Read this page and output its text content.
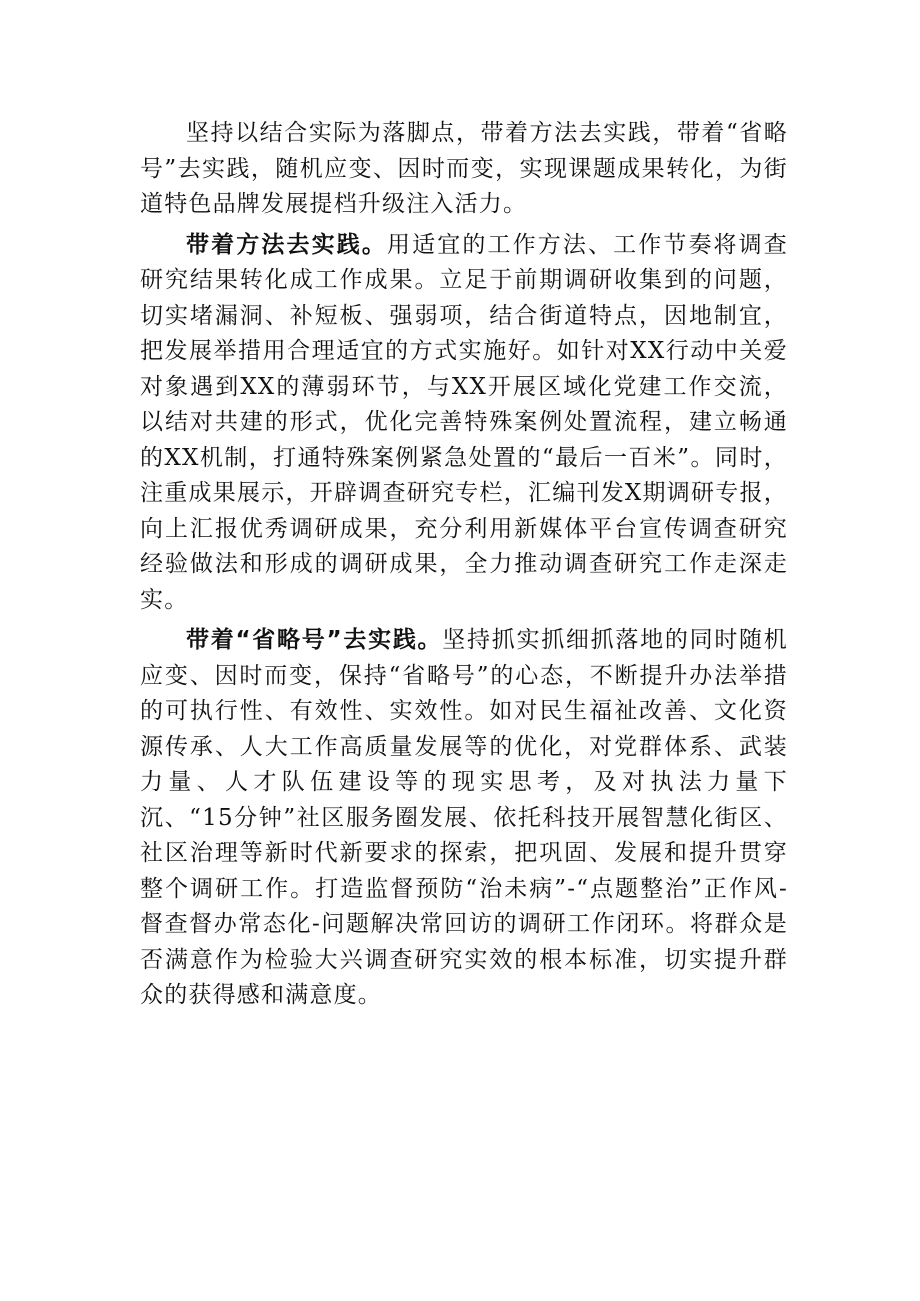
坚持以结合实际为落脚点，带着方法去实践，带着“省略号”去实践，随机应变、因时而变，实现课题成果转化，为街道特色品牌发展提档升级注入活力。

带着方法去实践。用适宜的工作方法、工作节奏将调查研究结果转化成工作成果。立足于前期调研收集到的问题，切实堵漏洞、补短板、强弱项，结合街道特点，因地制宜，把发展举措用合理适宜的方式实施好。如针对XX行动中关爱对象遇到XX的薄弱环节，与XX开展区域化党建工作交流，以结对共建的形式，优化完善特殊案例处置流程，建立畅通的XX机制，打通特殊案例紧急处置的“最后一百米”。同时，注重成果展示，开辟调查研究专栏，汇编刊发X期调研专报，向上汇报优秀调研成果，充分利用新媒体平台宣传调查研究经验做法和形成的调研成果，全力推动调查研究工作走深走实。

带着“省略号”去实践。坚持抓实抓细抓落地的同时随机应变、因时而变，保持“省略号”的心态，不断提升办法举措的可执行性、有效性、实效性。如对民生福祉改善、文化资源传承、人大工作高质量发展等的优化，对党群体系、武装力量、人才队伍建设等的现实思考，及对执法力量下沉、“15分钟”社区服务圈发展、依托科技开展智慧化街区、社区治理等新时代新要求的探索，把巩固、发展和提升贯穿整个调研工作。打造监督预防“治未病”-“点题整治”正作风-督查督办常态化-问题解决常回访的调研工作闭环。将群众是否满意作为检验大兴调查研究实效的根本标准，切实提升群众的获得感和满意度。
